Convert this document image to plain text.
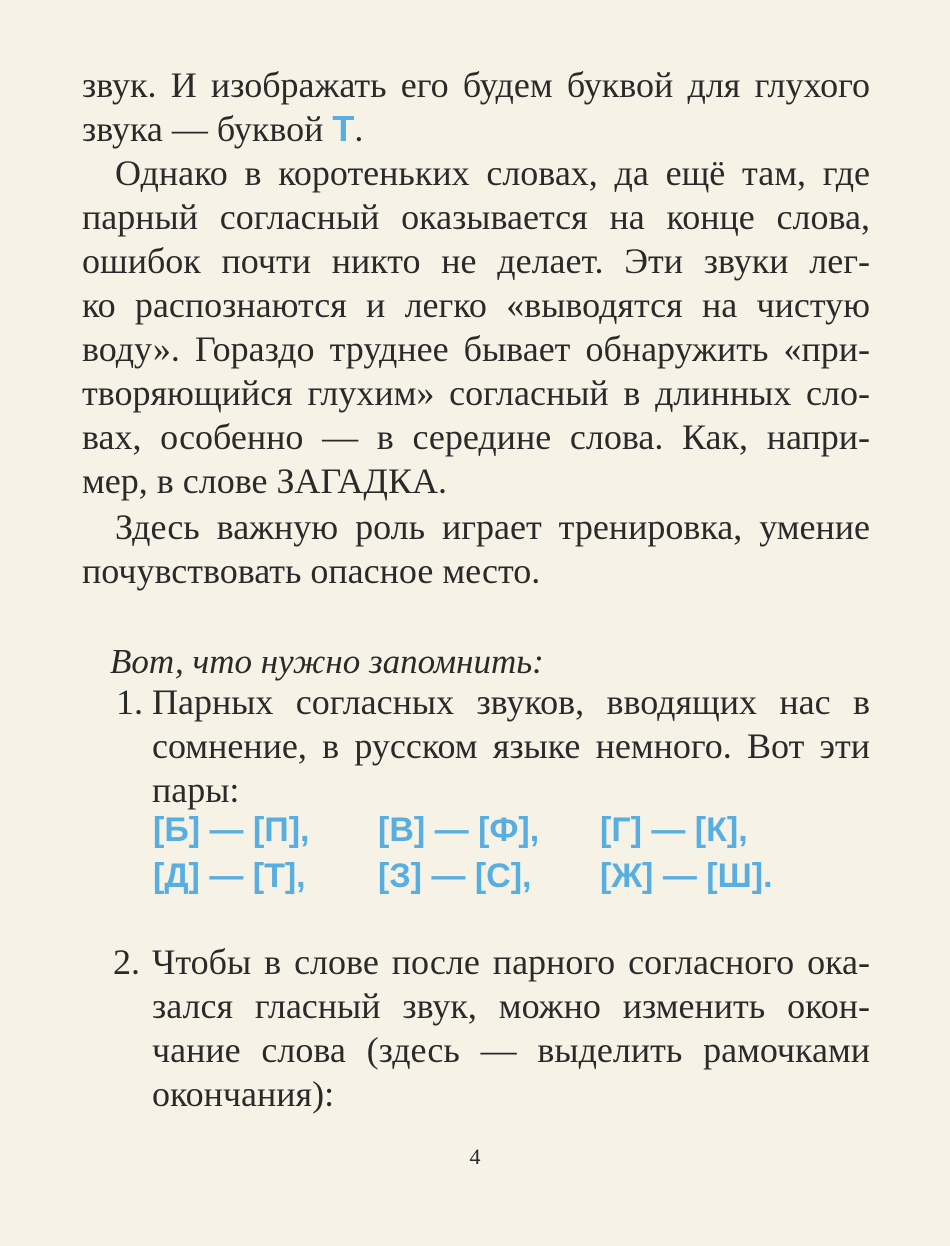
звук. И изображать его будем буквой для глухого
звука — буквой Т.
Однако в коротеньких словах, да ещё там, где
парный согласный оказывается на конце слова,
ошибок почти никто не делает. Эти звуки лег-
ко распознаются и легко «выводятся на чистую
воду». Гораздо труднее бывает обнаружить «при-
творяющийся глухим» согласный в длинных сло-
вах, особенно — в середине слова. Как, напри-
мер, в слове ЗАГАДКА.
Здесь важную роль играет тренировка, умение
почувствовать опасное место.
Вот, что нужно запомнить:
1. Парных согласных звуков, вводящих нас в
сомнение, в русском языке немного. Вот эти
пары:
[Б] — [П], [В] — [Ф], [Г] — [К],
[Д] — [Т], [З] — [С], [Ж] — [Ш].
2. Чтобы в слове после парного согласного ока-
зался гласный звук, можно изменить окон-
чание слова (здесь — выделить рамочками
окончания):
4
